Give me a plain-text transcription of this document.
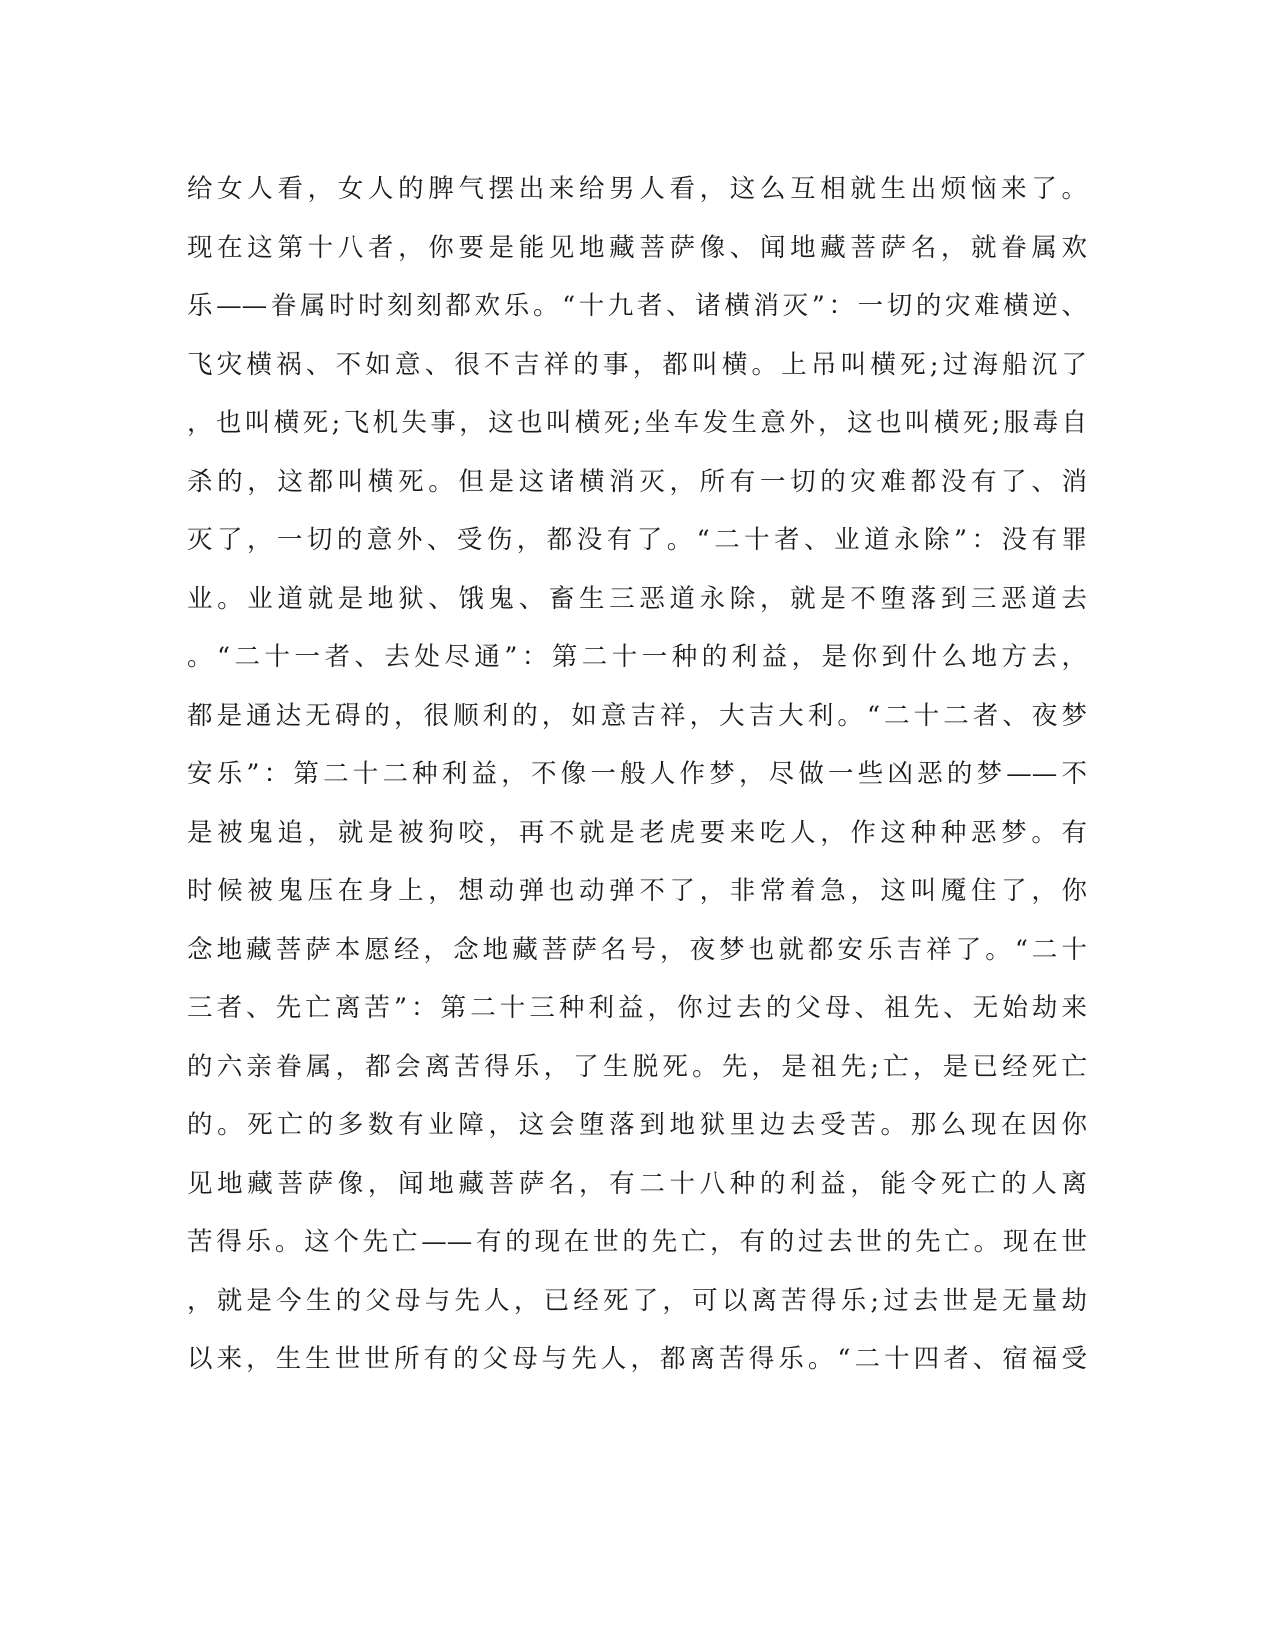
给女人看，女人的脾气摆出来给男人看，这么互相就生出烦恼来了。
现在这第十八者，你要是能见地藏菩萨像、闻地藏菩萨名，就眷属欢
乐——眷属时时刻刻都欢乐。“十九者、诸横消灭”：一切的灾难横逆、
飞灾横祸、不如意、很不吉祥的事，都叫横。上吊叫横死;过海船沉了
，也叫横死;飞机失事，这也叫横死;坐车发生意外，这也叫横死;服毒自
杀的，这都叫横死。但是这诸横消灭，所有一切的灾难都没有了、消
灭了，一切的意外、受伤，都没有了。“二十者、业道永除”：没有罪
业。业道就是地狱、饿鬼、畜生三恶道永除，就是不堕落到三恶道去
。“二十一者、去处尽通”：第二十一种的利益，是你到什么地方去，
都是通达无碍的，很顺利的，如意吉祥，大吉大利。“二十二者、夜梦
安乐”：第二十二种利益，不像一般人作梦，尽做一些凶恶的梦——不
是被鬼追，就是被狗咬，再不就是老虎要来吃人，作这种种恶梦。有
时候被鬼压在身上，想动弹也动弹不了，非常着急，这叫魇住了，你
念地藏菩萨本愿经，念地藏菩萨名号，夜梦也就都安乐吉祥了。“二十
三者、先亡离苦”：第二十三种利益，你过去的父母、祖先、无始劫来
的六亲眷属，都会离苦得乐，了生脱死。先，是祖先;亡，是已经死亡
的。死亡的多数有业障，这会堕落到地狱里边去受苦。那么现在因你
见地藏菩萨像，闻地藏菩萨名，有二十八种的利益，能令死亡的人离
苦得乐。这个先亡——有的现在世的先亡，有的过去世的先亡。现在世
，就是今生的父母与先人，已经死了，可以离苦得乐;过去世是无量劫
以来，生生世世所有的父母与先人，都离苦得乐。“二十四者、宿福受
